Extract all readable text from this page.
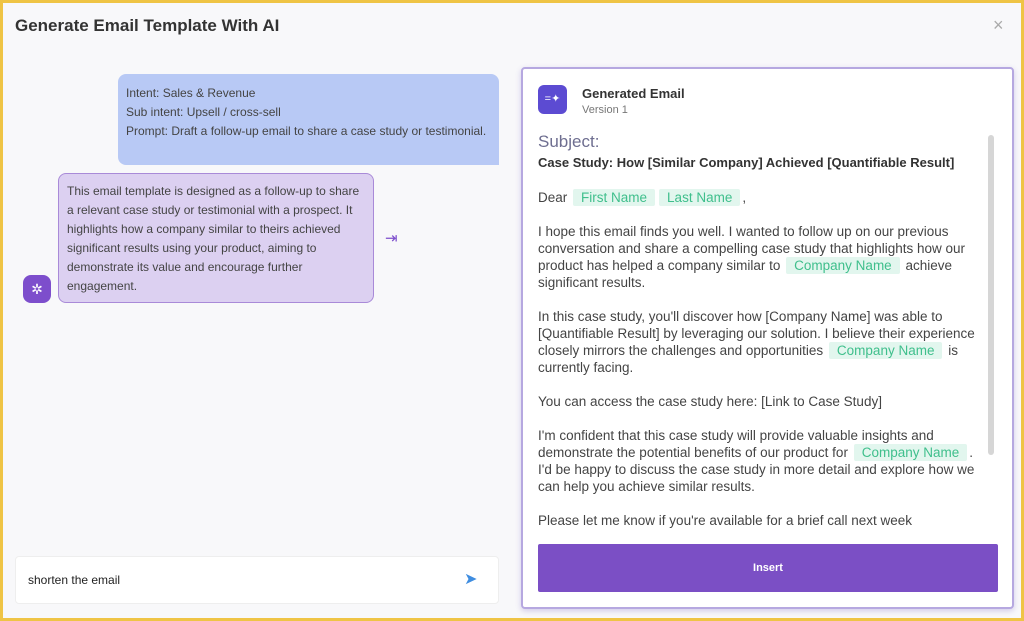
Generate Email Template With AI	×
Intent: Sales & Revenue
Sub intent: Upsell / cross-sell
Prompt: Draft a follow-up email to share a case study or testimonial.
This email template is designed as a follow-up to share a relevant case study or testimonial with a prospect. It highlights how a company similar to theirs achieved significant results using your product, aiming to demonstrate its value and encourage further engagement.
✲
⇥
shorten the email	➤
=✦	Generated Email
Version 1
Subject:
Case Study: How [Similar Company] Achieved [Quantifiable Result]

Dear First Name Last Name ,

I hope this email finds you well. I wanted to follow up on our previous conversation and share a compelling case study that highlights how our product has helped a company similar to Company Name achieve significant results.

In this case study, you'll discover how [Company Name] was able to [Quantifiable Result] by leveraging our solution. I believe their experience closely mirrors the challenges and opportunities Company Name is currently facing.

You can access the case study here: [Link to Case Study]

I'm confident that this case study will provide valuable insights and demonstrate the potential benefits of our product for Company Name . I'd be happy to discuss the case study in more detail and explore how we can help you achieve similar results.

Please let me know if you're available for a brief call next week

Insert
